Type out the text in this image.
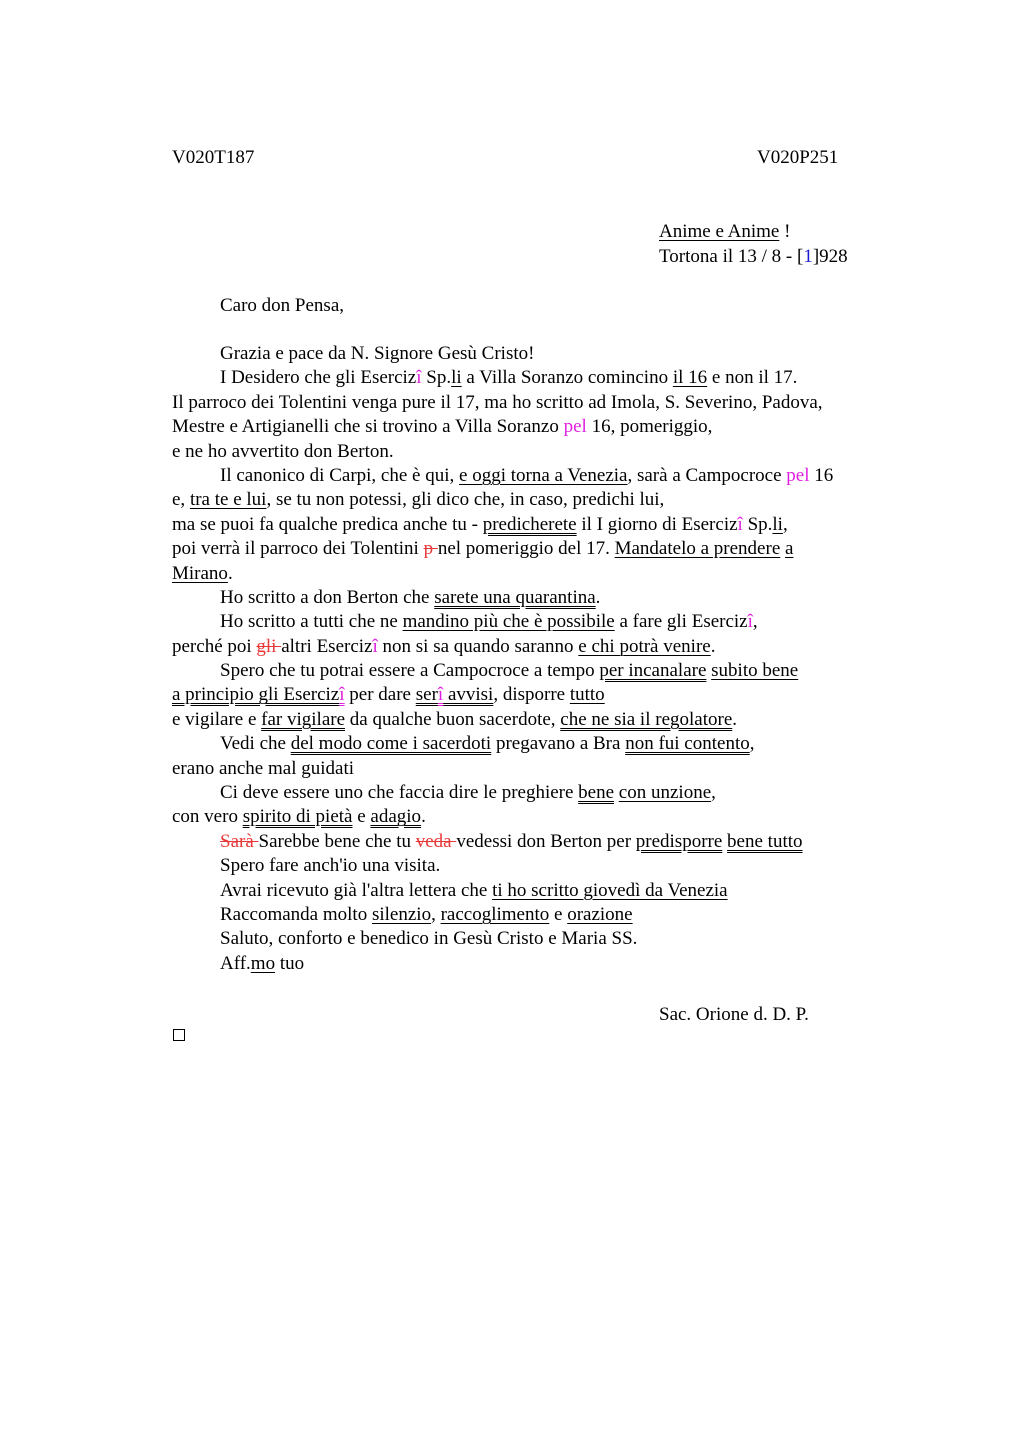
V020T187	V020P251
Anime e Anime !
Tortona il 13 / 8 - [1]928
Caro don Pensa,
Grazia e pace da N. Signore Gesù Cristo!
I Desidero che gli Esercizî Sp.li a Villa Soranzo comincino il 16 e non il 17.
Il parroco dei Tolentini venga pure il 17, ma ho scritto ad Imola, S. Severino, Padova,
Mestre e Artigianelli che si trovino a Villa Soranzo pel 16, pomeriggio,
e ne ho avvertito don Berton.
Il canonico di Carpi, che è qui, e oggi torna a Venezia, sarà a Campocroce pel 16
e, tra te e lui, se tu non potessi, gli dico che, in caso, predichi lui,
ma se puoi fa qualche predica anche tu - predicherete il I giorno di Esercizî Sp.li,
poi verrà il parroco dei Tolentini p nel pomeriggio del 17. Mandatelo a prendere a
Mirano.
Ho scritto a don Berton che sarete una quarantina.
Ho scritto a tutti che ne mandino più che è possibile a fare gli Esercizî,
perché poi gli altri Esercizî non si sa quando saranno e chi potrà venire.
Spero che tu potrai essere a Campocroce a tempo per incanalare subito bene
a principio gli Esercizî per dare serî avvisi, disporre tutto
e vigilare e far vigilare da qualche buon sacerdote, che ne sia il regolatore.
Vedi che del modo come i sacerdoti pregavano a Bra non fui contento,
erano anche mal guidati
Ci deve essere uno che faccia dire le preghiere bene con unzione,
con vero spirito di pietà e adagio.
Sarà Sarebbe bene che tu veda vedessi don Berton per predisporre bene tutto
Spero fare anch'io una visita.
Avrai ricevuto già l'altra lettera che ti ho scritto giovedì da Venezia
Raccomanda molto silenzio, raccoglimento e orazione
Saluto, conforto e benedico in Gesù Cristo e Maria SS.
Aff.mo tuo
Sac. Orione d. D. P.
